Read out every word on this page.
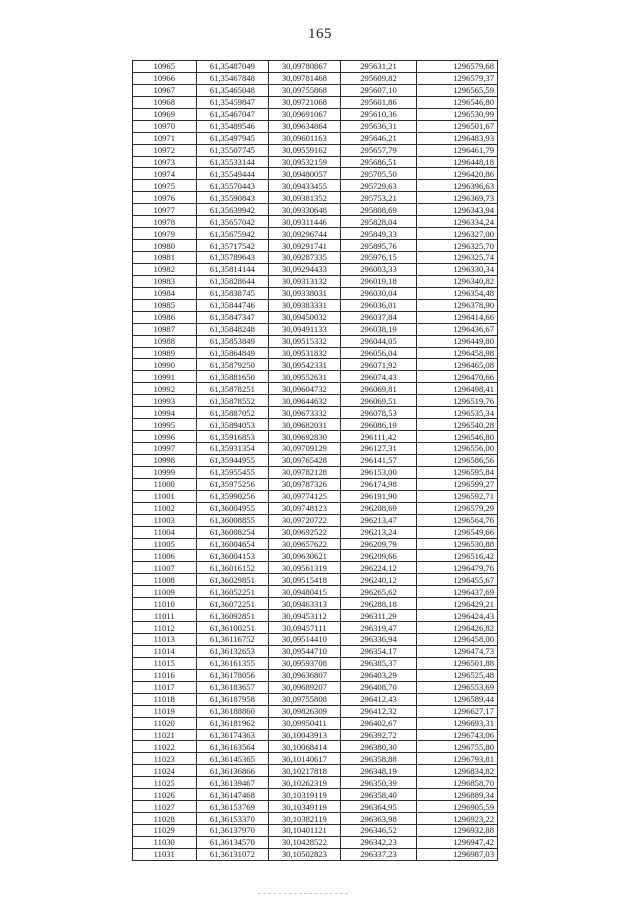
165
10965	61,35487049	30,09780867	295631,21	1296579,68
10966	61,35467848	30,09781468	295609,82	1296579,37
10967	61,35465048	30,09755868	295607,10	1296565,59
10968	61,35459847	30,09721068	295601,86	1296546,80
10969	61,35467047	30,09691067	295610,36	1296530,99
10970	61,35489546	30,09634864	295636,31	1296501,67
10971	61,35497945	30,09601163	295646,21	1296483,93
10972	61,35507745	30,09559162	295657,79	1296461,79
10973	61,35533144	30,09532159	295686,51	1296448,18
10974	61,35549444	30,09480057	295705,50	1296420,86
10975	61,35570443	30,09433455	295729,63	1296396,63
10976	61,35590843	30,09381352	295753,21	1296369,73
10977	61,35639942	30,09330648	295808,69	1296343,94
10978	61,35657042	30,09311446	295828,04	1296334,24
10979	61,35675942	30,09296744	295849,33	1296327,00
10980	61,35717542	30,09291741	295895,76	1296325,70
10981	61,35789643	30,09287335	295976,15	1296325,74
10982	61,35814144	30,09294433	296003,33	1296330,34
10983	61,35828644	30,09313132	296019,18	1296340,82
10984	61,35838745	30,09338031	296030,04	1296354,48
10985	61,35844746	30,09383331	296036,01	1296378,90
10986	61,35847347	30,09450032	296037,84	1296414,66
10987	61,35848248	30,09491133	296038,19	1296436,67
10988	61,35853849	30,09515332	296044,05	1296449,80
10989	61,35864849	30,09531832	296056,04	1296458,98
10990	61,35879250	30,09542331	296071,92	1296465,08
10991	61,35881650	30,09552631	296074,43	1296470,66
10992	61,35878251	30,09604732	296069,81	1296498,41
10993	61,35878552	30,09644632	296069,51	1296519,76
10994	61,35887052	30,09673332	296078,53	1296535,34
10995	61,35894053	30,09682031	296086,19	1296540,28
10996	61,35916853	30,09692830	296111,42	1296546,80
10997	61,35931354	30,09709129	296127,31	1296556,00
10998	61,35944955	30,09765428	296141,57	1296586,56
10999	61,35955455	30,09782128	296153,00	1296595,84
11000	61,35975256	30,09787326	296174,98	1296599,27
11001	61,35990256	30,09774125	296191,90	1296592,71
11002	61,36004955	30,09748123	296208,69	1296579,29
11003	61,36008855	30,09720722	296213,47	1296564,76
11004	61,36008254	30,09692522	296213,24	1296549,66
11005	61,36004654	30,09657622	296209,79	1296530,88
11006	61,36004153	30,09630621	296209,66	1296516,42
11007	61,36016152	30,09561319	296224,12	1296479,76
11008	61,36029851	30,09515418	296240,12	1296455,67
11009	61,36052251	30,09480415	296265,62	1296437,69
11010	61,36072251	30,09463313	296288,18	1296429,21
11011	61,36092851	30,09453112	296311,29	1296424,43
11012	61,36100251	30,09457111	296319,47	1296426,82
11013	61,36116752	30,09514410	296336,94	1296458,00
11014	61,36132653	30,09544710	296354,17	1296474,73
11015	61,36161355	30,09593708	296385,37	1296501,88
11016	61,36178056	30,09636807	296403,29	1296525,48
11017	61,36183657	30,09689207	296408,70	1296553,69
11018	61,36187958	30,09755808	296412,43	1296589,44
11019	61,36188860	30,09826309	296412,32	1296627,17
11020	61,36181962	30,09950411	296402,67	1296693,31
11021	61,36174363	30,10043913	296392,72	1296743,06
11022	61,36163564	30,10068414	296380,30	1296755,80
11023	61,36145365	30,10140617	296358,88	1296793,81
11024	61,36136866	30,10217818	296348,19	1296834,82
11025	61,36139467	30,10262319	296350,39	1296858,70
11026	61,36147468	30,10319119	296358,40	1296889,34
11027	61,36153769	30,10349119	296364,95	1296905,59
11028	61,36153370	30,10382119	296363,98	1296923,22
11029	61,36137970	30,10401121	296346,52	1296932,88
11030	61,36134570	30,10428522	296342,23	1296947,42
11031	61,36131072	30,10502823	296337,23	1296987,03
